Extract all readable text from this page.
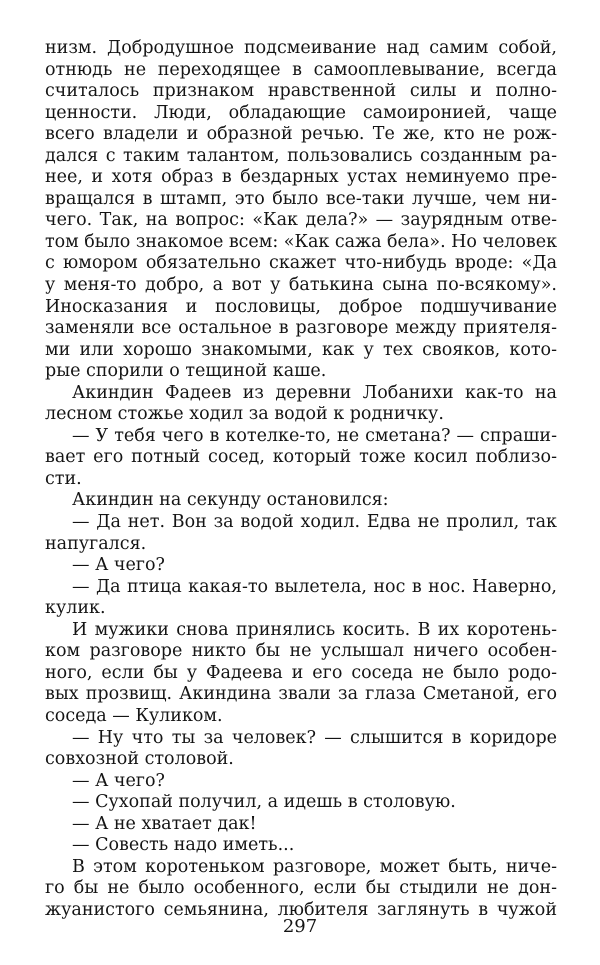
низм. Добродушное подсмеивание над самим собой,
отнюдь не переходящее в самооплевывание, всегда
считалось признаком нравственной силы и полно-
ценности. Люди, обладающие самоиронией, чаще
всего владели и образной речью. Те же, кто не рож-
дался с таким талантом, пользовались созданным ра-
нее, и хотя образ в бездарных устах неминуемо пре-
вращался в штамп, это было все-таки лучше, чем ни-
чего. Так, на вопрос: «Как дела?» — заурядным отве-
том было знакомое всем: «Как сажа бела». Но человек
с юмором обязательно скажет что-нибудь вроде: «Да
у меня-то добро, а вот у батькина сына по-всякому».
Иносказания и пословицы, доброе подшучивание
заменяли все остальное в разговоре между приятеля-
ми или хорошо знакомыми, как у тех свояков, кото-
рые спорили о тещиной каше.
Акиндин Фадеев из деревни Лобанихи как-то на
лесном стожье ходил за водой к родничку.
— У тебя чего в котелке-то, не сметана? — спраши-
вает его потный сосед, который тоже косил поблизо-
сти.
Акиндин на секунду остановился:
— Да нет. Вон за водой ходил. Едва не пролил, так
напугался.
— А чего?
— Да птица какая-то вылетела, нос в нос. Наверно,
кулик.
И мужики снова принялись косить. В их коротень-
ком разговоре никто бы не услышал ничего особен-
ного, если бы у Фадеева и его соседа не было родо-
вых прозвищ. Акиндина звали за глаза Сметаной, его
соседа — Куликом.
— Ну что ты за человек? — слышится в коридоре
совхозной столовой.
— А чего?
— Сухопай получил, а идешь в столовую.
— А не хватает дак!
— Совесть надо иметь...
В этом коротеньком разговоре, может быть, ниче-
го бы не было особенного, если бы стыдили не дон-
жуанистого семьянина, любителя заглянуть в чужой
297
